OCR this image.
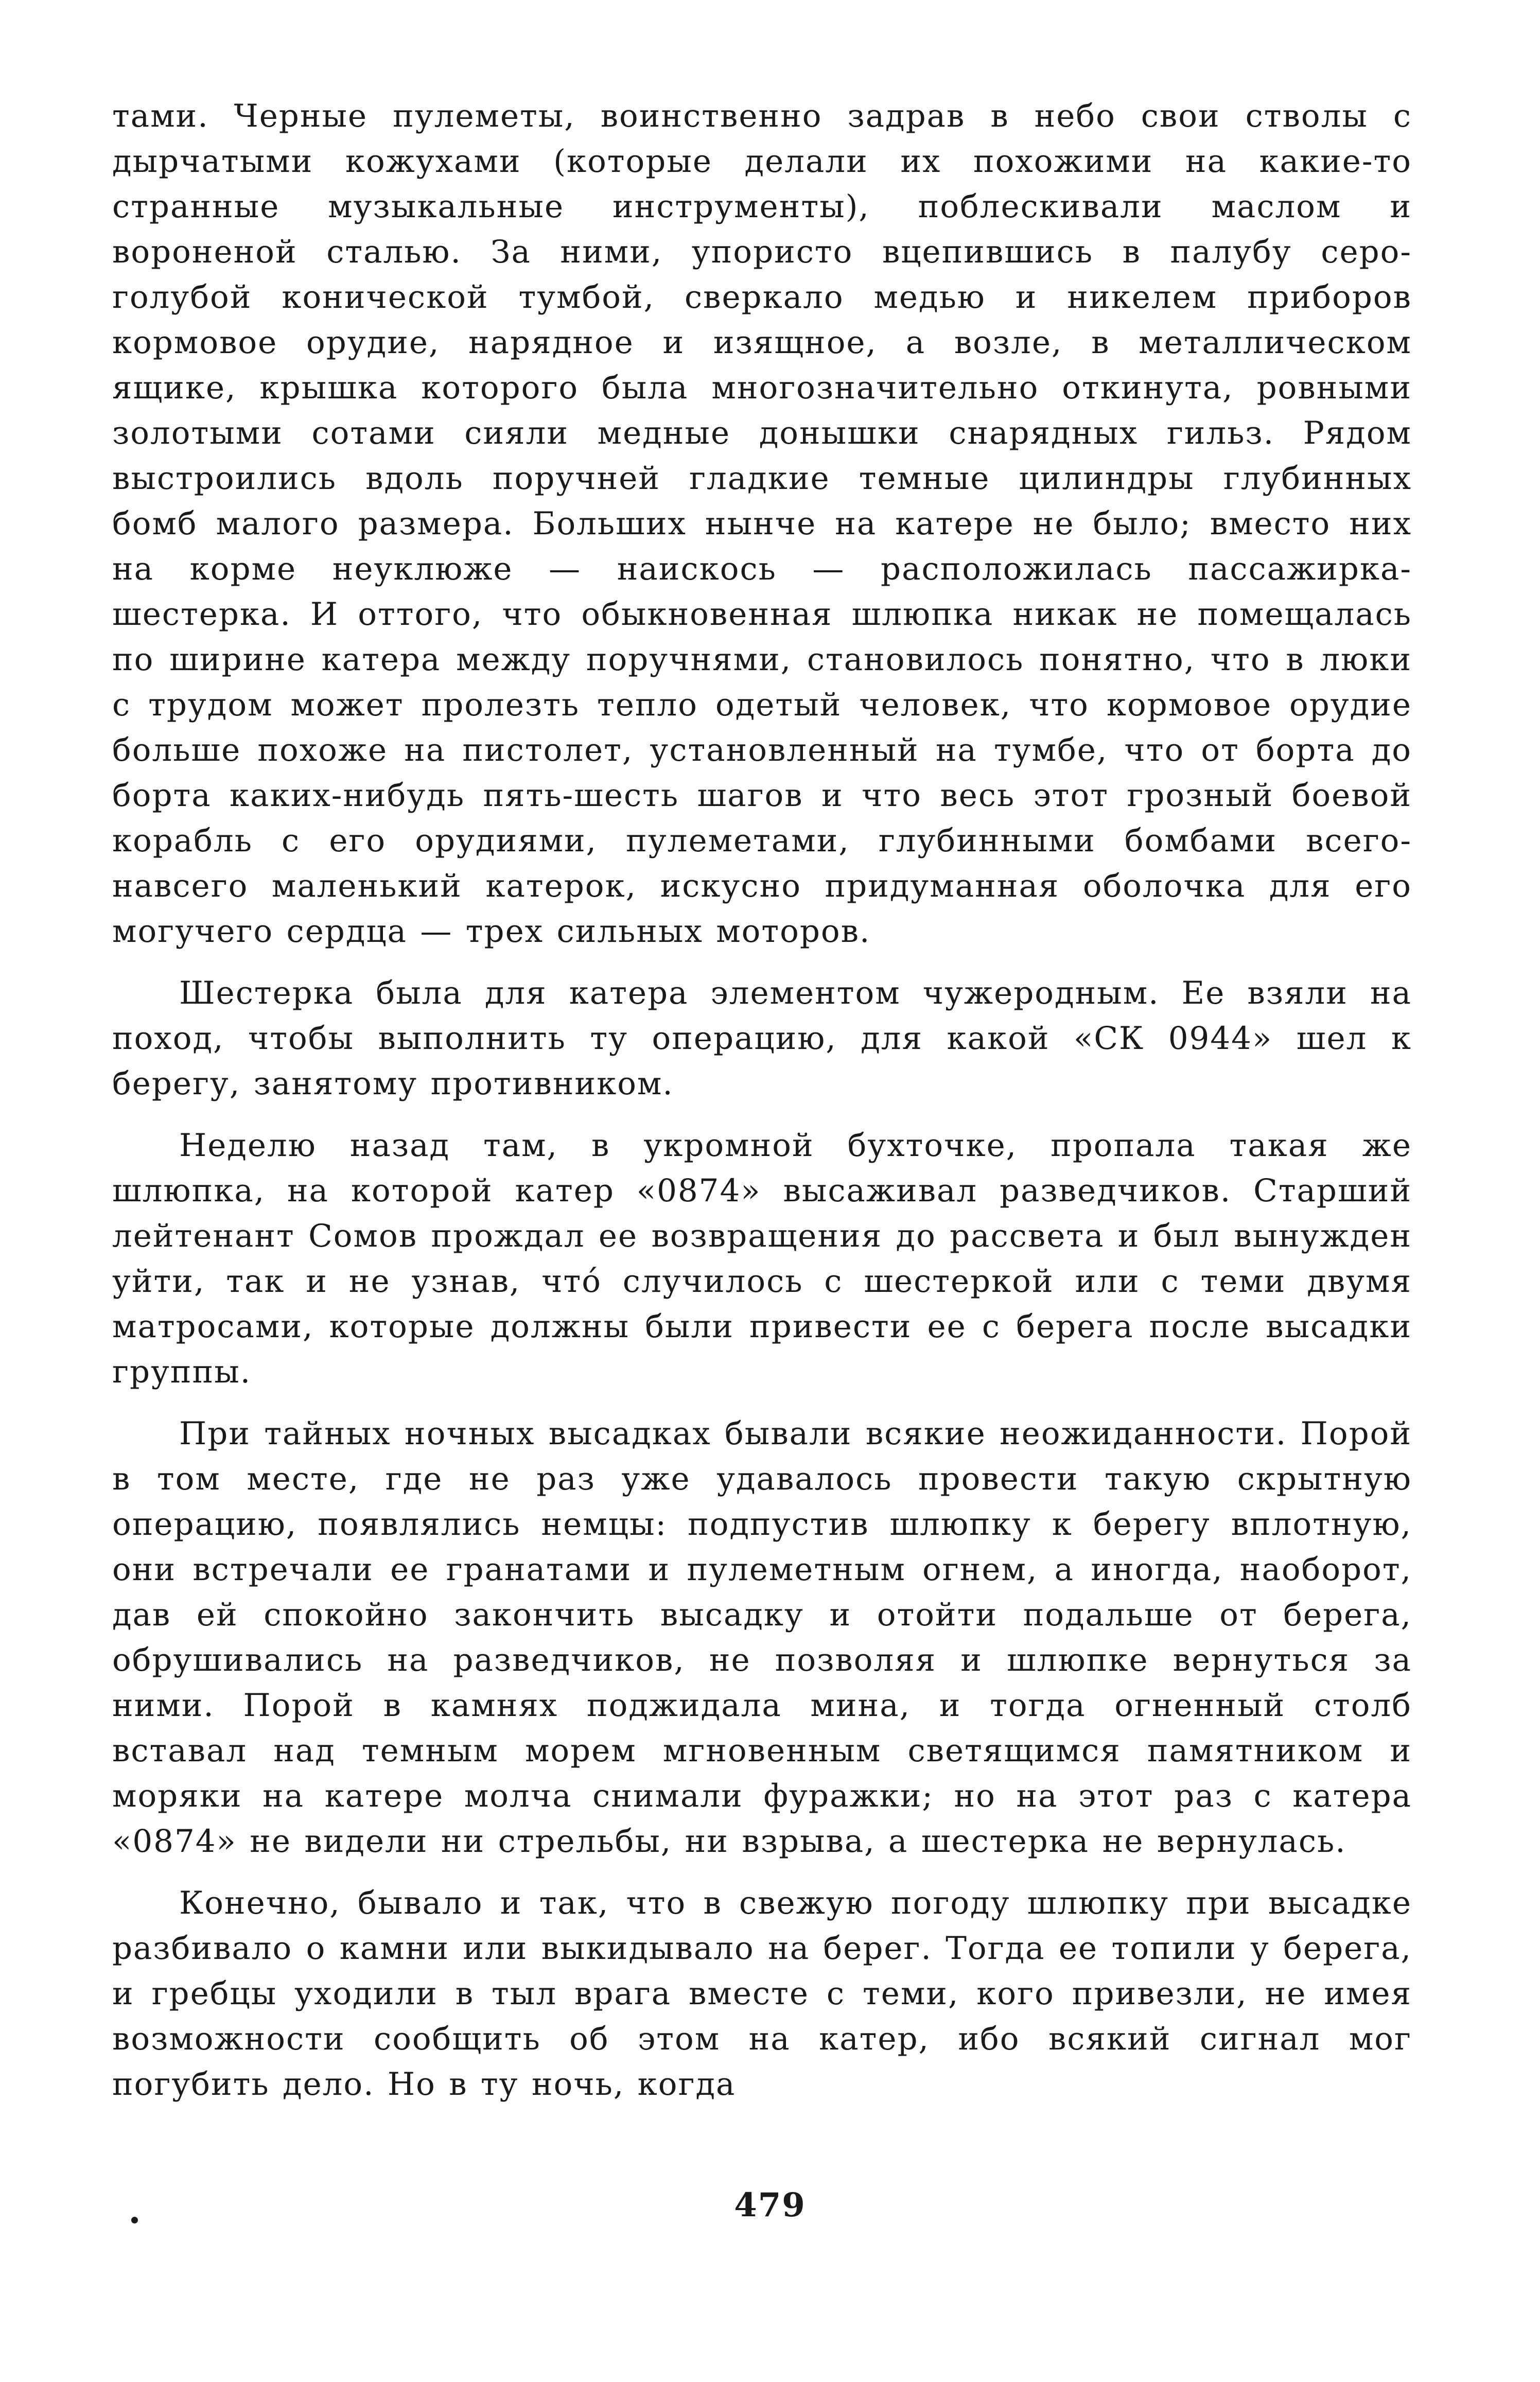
тами. Черные пулеметы, воинственно задрав в небо свои стволы с дырчатыми кожухами (которые делали их похожими на какие-то странные музыкальные инструменты), поблескивали маслом и вороненой сталью. За ними, упористо вцепившись в палубу серо-голубой конической тумбой, сверкало медью и никелем приборов кормовое орудие, нарядное и изящное, а возле, в металлическом ящике, крышка которого была многозначительно откинута, ровными золотыми сотами сияли медные донышки снарядных гильз. Рядом выстроились вдоль поручней гладкие темные цилиндры глубинных бомб малого размера. Больших нынче на катере не было; вместо них на корме неуклюже — наискось — расположилась пассажирка-шестерка. И оттого, что обыкновенная шлюпка никак не помещалась по ширине катера между поручнями, становилось понятно, что в люки с трудом может пролезть тепло одетый человек, что кормовое орудие больше похоже на пистолет, установленный на тумбе, что от борта до борта каких-нибудь пять-шесть шагов и что весь этот грозный боевой корабль с его орудиями, пулеметами, глубинными бомбами всего-навсего маленький катерок, искусно придуманная оболочка для его могучего сердца — трех сильных моторов.

Шестерка была для катера элементом чужеродным. Ее взяли на поход, чтобы выполнить ту операцию, для какой «СК 0944» шел к берегу, занятому противником.

Неделю назад там, в укромной бухточке, пропала такая же шлюпка, на которой катер «0874» высаживал разведчиков. Старший лейтенант Сомов прождал ее возвращения до рассвета и был вынужден уйти, так и не узнав, что́ случилось с шестеркой или с теми двумя матросами, которые должны были привести ее с берега после высадки группы.

При тайных ночных высадках бывали всякие неожиданности. Порой в том месте, где не раз уже удавалось провести такую скрытную операцию, появлялись немцы: подпустив шлюпку к берегу вплотную, они встречали ее гранатами и пулеметным огнем, а иногда, наоборот, дав ей спокойно закончить высадку и отойти подальше от берега, обрушивались на разведчиков, не позволяя и шлюпке вернуться за ними. Порой в камнях поджидала мина, и тогда огненный столб вставал над темным морем мгновенным светящимся памятником и моряки на катере молча снимали фуражки; но на этот раз с катера «0874» не видели ни стрельбы, ни взрыва, а шестерка не вернулась.

Конечно, бывало и так, что в свежую погоду шлюпку при высадке разбивало о камни или выкидывало на берег. Тогда ее топили у берега, и гребцы уходили в тыл врага вместе с теми, кого привезли, не имея возможности сообщить об этом на катер, ибо всякий сигнал мог погубить дело. Но в ту ночь, когда

479
